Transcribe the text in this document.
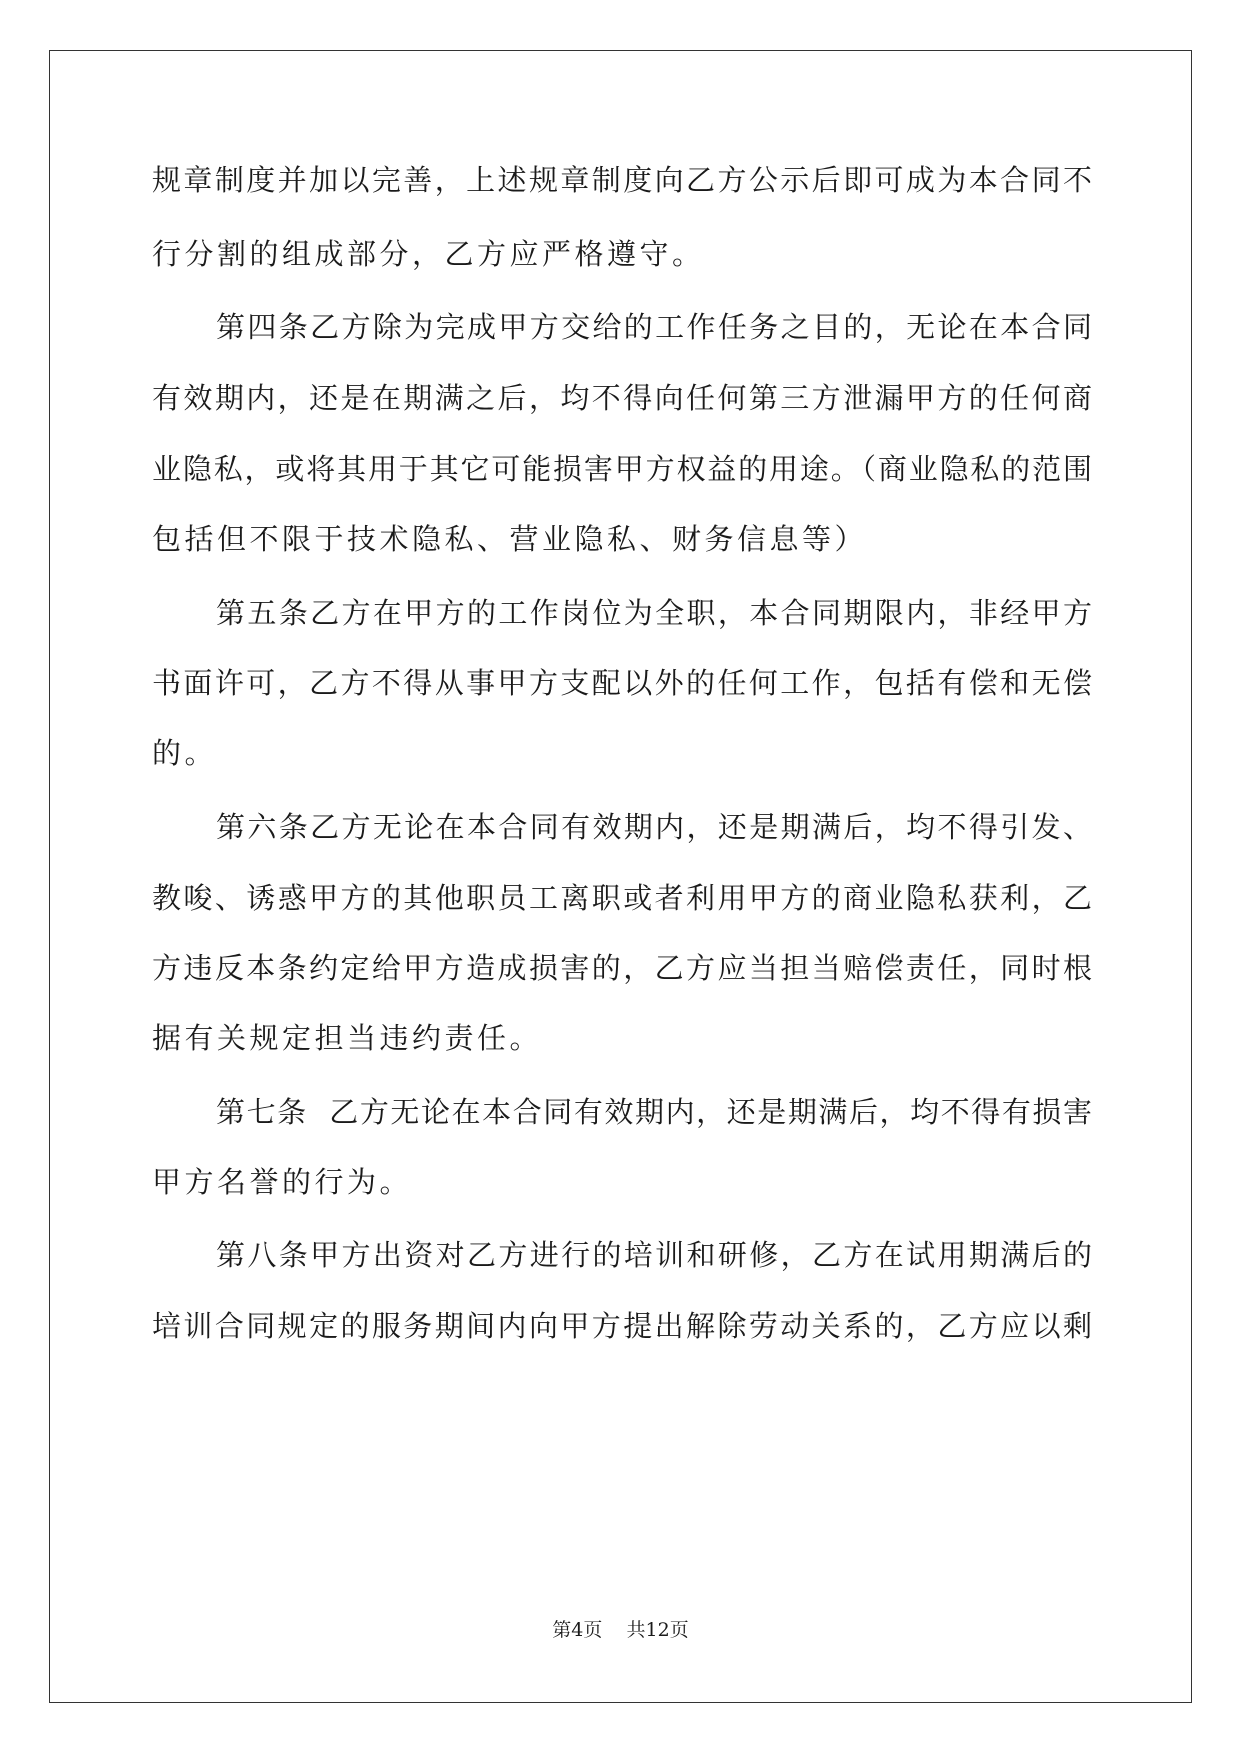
规章制度并加以完善，上述规章制度向乙方公示后即可成为本合同不
行分割的组成部分，乙方应严格遵守。
第四条乙方除为完成甲方交给的工作任务之目的，无论在本合同
有效期内，还是在期满之后，均不得向任何第三方泄漏甲方的任何商
业隐私，或将其用于其它可能损害甲方权益的用途。（商业隐私的范围
包括但不限于技术隐私、营业隐私、财务信息等）
第五条乙方在甲方的工作岗位为全职，本合同期限内，非经甲方
书面许可，乙方不得从事甲方支配以外的任何工作，包括有偿和无偿
的。
第六条乙方无论在本合同有效期内，还是期满后，均不得引发、
教唆、诱惑甲方的其他职员工离职或者利用甲方的商业隐私获利，乙
方违反本条约定给甲方造成损害的，乙方应当担当赔偿责任，同时根
据有关规定担当违约责任。
第七条  乙方无论在本合同有效期内，还是期满后，均不得有损害
甲方名誉的行为。
第八条甲方出资对乙方进行的培训和研修，乙方在试用期满后的
培训合同规定的服务期间内向甲方提出解除劳动关系的，乙方应以剩
第4页 共12页
